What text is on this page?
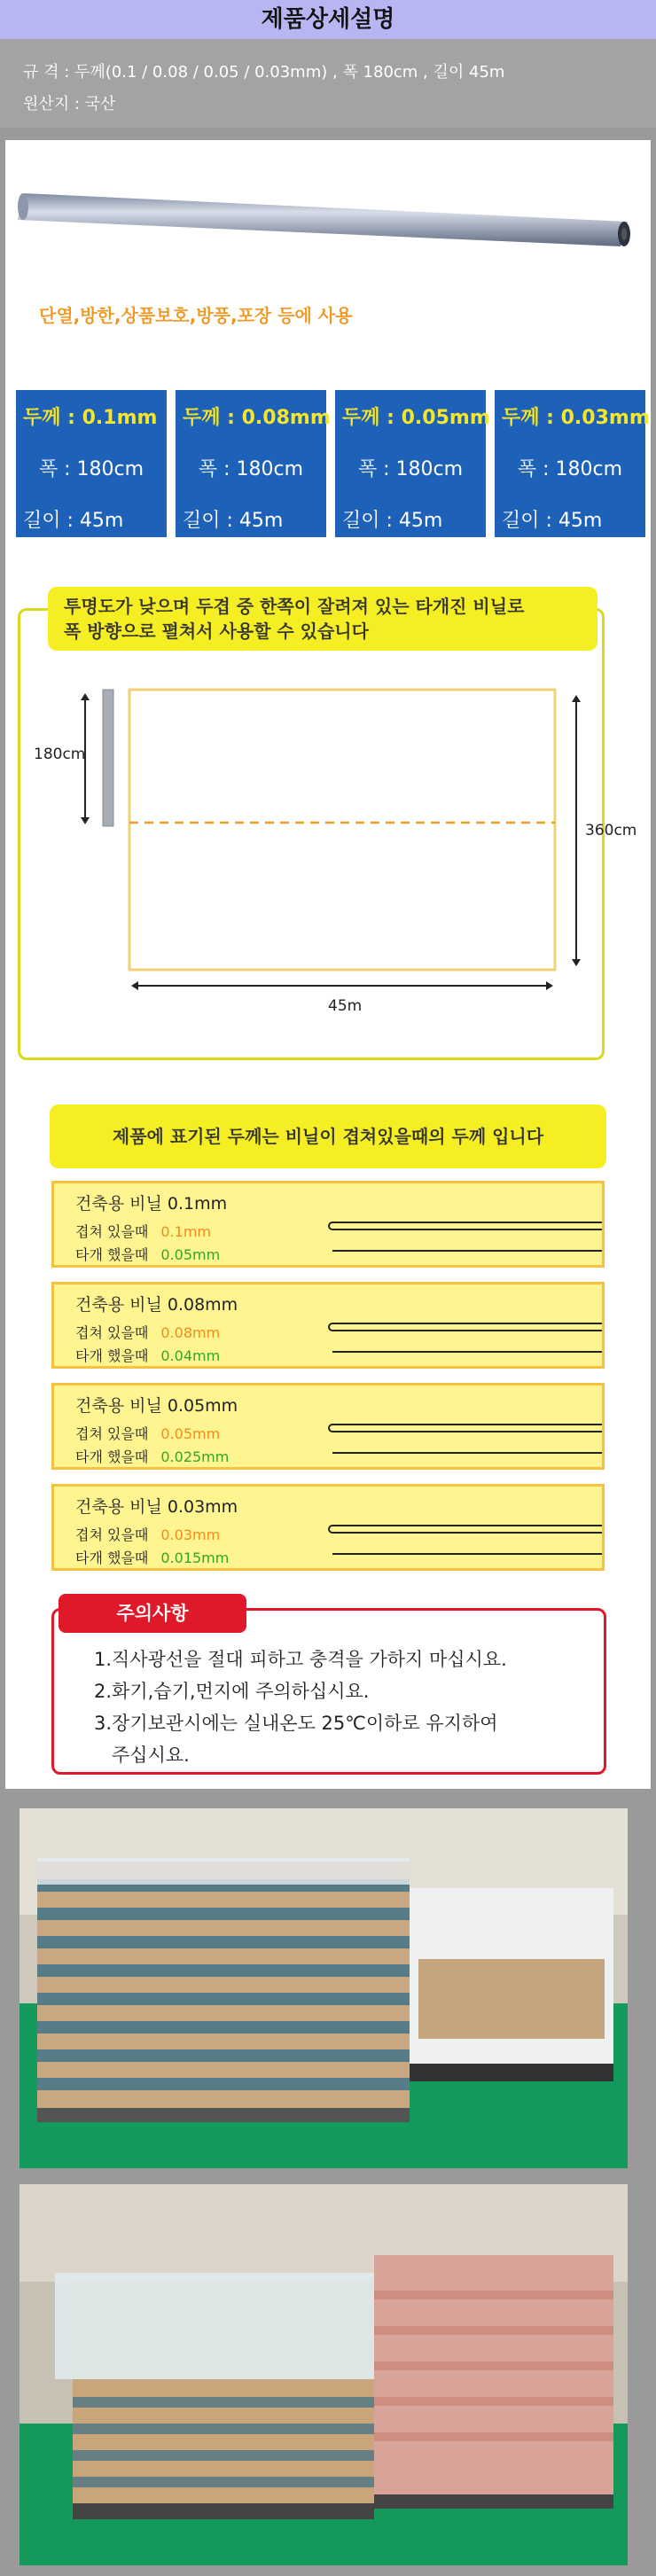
제품상세설명
규 격 : 두께(0.1 / 0.08 / 0.05 / 0.03mm) , 폭 180cm , 길이 45m
원산지 : 국산
단열,방한,상품보호,방풍,포장 등에 사용
두께 : 0.1mm
폭 : 180cm
길이 : 45m
두께 : 0.08mm
폭 : 180cm
길이 : 45m
두께 : 0.05mm
폭 : 180cm
길이 : 45m
두께 : 0.03mm
폭 : 180cm
길이 : 45m
투명도가 낮으며 두겹 중 한쪽이 잘려져 있는 타개진 비닐로
폭 방향으로 펼쳐서 사용할 수 있습니다
180cm
360cm
45m
제품에 표기된 두께는 비닐이 겹쳐있을때의 두께 입니다
건축용 비닐 0.1mm
겹쳐 있을때 0.1mm
타개 했을때 0.05mm
건축용 비닐 0.08mm
겹쳐 있을때 0.08mm
타개 했을때 0.04mm
건축용 비닐 0.05mm
겹쳐 있을때 0.05mm
타개 했을때 0.025mm
건축용 비닐 0.03mm
겹쳐 있을때 0.03mm
타개 했을때 0.015mm
주의사항
1.직사광선을 절대 피하고 충격을 가하지 마십시요.
2.화기,습기,먼지에 주의하십시요.
3.장기보관시에는 실내온도 25℃이하로 유지하여
주십시요.
